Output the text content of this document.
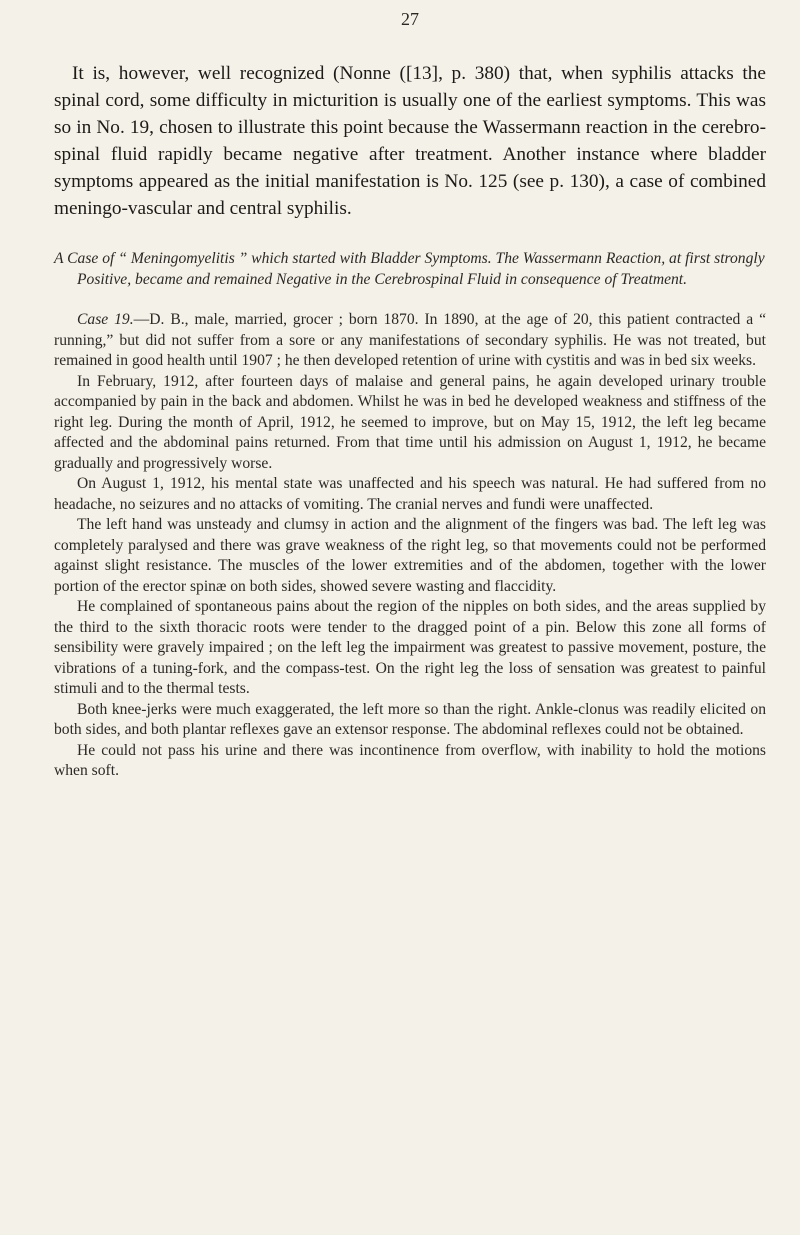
27

It is, however, well recognized (Nonne ([13], p. 380) that, when syphilis attacks the spinal cord, some difficulty in micturition is usually one of the earliest symptoms. This was so in No. 19, chosen to illustrate this point because the Wassermann reaction in the cerebro-spinal fluid rapidly became negative after treatment. Another instance where bladder symptoms appeared as the initial manifestation is No. 125 (see p. 130), a case of combined meningo-vascular and central syphilis.

A Case of “ Meningomyelitis ” which started with Bladder Symptoms. The Wassermann Reaction, at first strongly Positive, became and remained Negative in the Cerebrospinal Fluid in consequence of Treatment.

Case 19.—D. B., male, married, grocer ; born 1870. In 1890, at the age of 20, this patient contracted a “ running,” but did not suffer from a sore or any manifestations of secondary syphilis. He was not treated, but remained in good health until 1907 ; he then developed retention of urine with cystitis and was in bed six weeks.

In February, 1912, after fourteen days of malaise and general pains, he again developed urinary trouble accompanied by pain in the back and abdomen. Whilst he was in bed he developed weakness and stiffness of the right leg. During the month of April, 1912, he seemed to improve, but on May 15, 1912, the left leg became affected and the abdominal pains returned. From that time until his admission on August 1, 1912, he became gradually and progressively worse.

On August 1, 1912, his mental state was unaffected and his speech was natural. He had suffered from no headache, no seizures and no attacks of vomiting. The cranial nerves and fundi were unaffected.

The left hand was unsteady and clumsy in action and the alignment of the fingers was bad. The left leg was completely paralysed and there was grave weakness of the right leg, so that movements could not be performed against slight resistance. The muscles of the lower extremities and of the abdomen, together with the lower portion of the erector spinæ on both sides, showed severe wasting and flaccidity.

He complained of spontaneous pains about the region of the nipples on both sides, and the areas supplied by the third to the sixth thoracic roots were tender to the dragged point of a pin. Below this zone all forms of sensibility were gravely impaired ; on the left leg the impairment was greatest to passive movement, posture, the vibrations of a tuning-fork, and the compass-test. On the right leg the loss of sensation was greatest to painful stimuli and to the thermal tests.

Both knee-jerks were much exaggerated, the left more so than the right. Ankle-clonus was readily elicited on both sides, and both plantar reflexes gave an extensor response. The abdominal reflexes could not be obtained.

He could not pass his urine and there was incontinence from overflow, with inability to hold the motions when soft.
